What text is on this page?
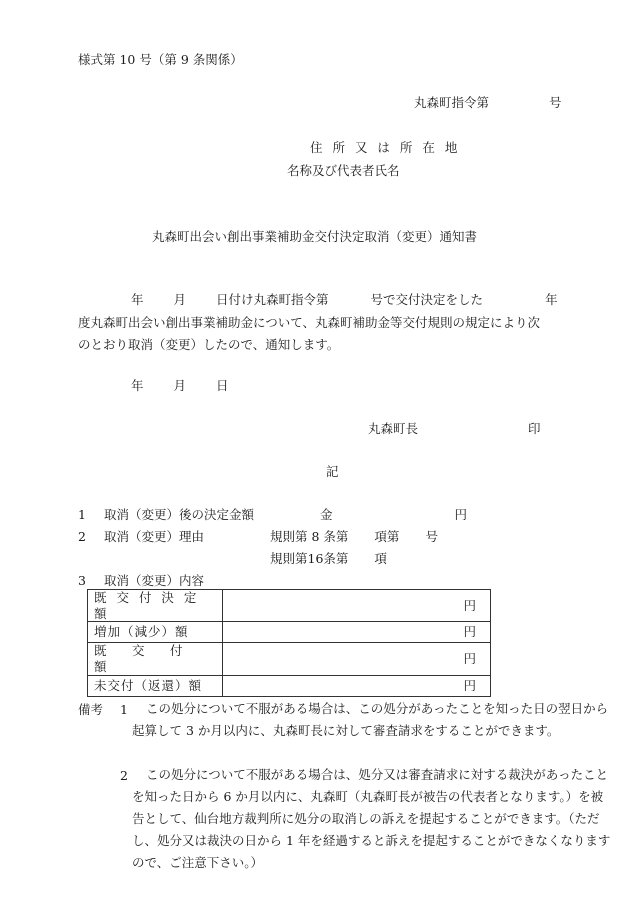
様式第 10 号（第 9 条関係）
丸森町指令第	号
住 所 又 は 所 在 地
名称及び代表者氏名
丸森町出会い創出事業補助金交付決定取消（変更）通知書
年 月 日付け丸森町指令第	号で交付決定をした	年
度丸森町出会い創出事業補助金について、丸森町補助金等交付規則の規定により次
のとおり取消（変更）したので、通知します。
年 月 日
丸森町長	印
記
1 取消（変更）後の決定金額	金	円
2 取消（変更）理由	規則第 8 条第 項第 号
規則第16条第 項
3 取消（変更）内容
既 交 付 決 定 額	円
増加（減少）額	円
既　 交　 付　 額	円
未交付（返還）額	円
備考 1	この処分について不服がある場合は、この処分があったことを知った日の翌日から起算して 3 か月以内に、丸森町長に対して審査請求をすることができます。
2	この処分について不服がある場合は、処分又は審査請求に対する裁決があったことを知った日から 6 か月以内に、丸森町（丸森町長が被告の代表者となります。）を被告として、仙台地方裁判所に処分の取消しの訴えを提起することができます。（ただし、処分又は裁決の日から 1 年を経過すると訴えを提起することができなくなりますので、ご注意下さい。）
